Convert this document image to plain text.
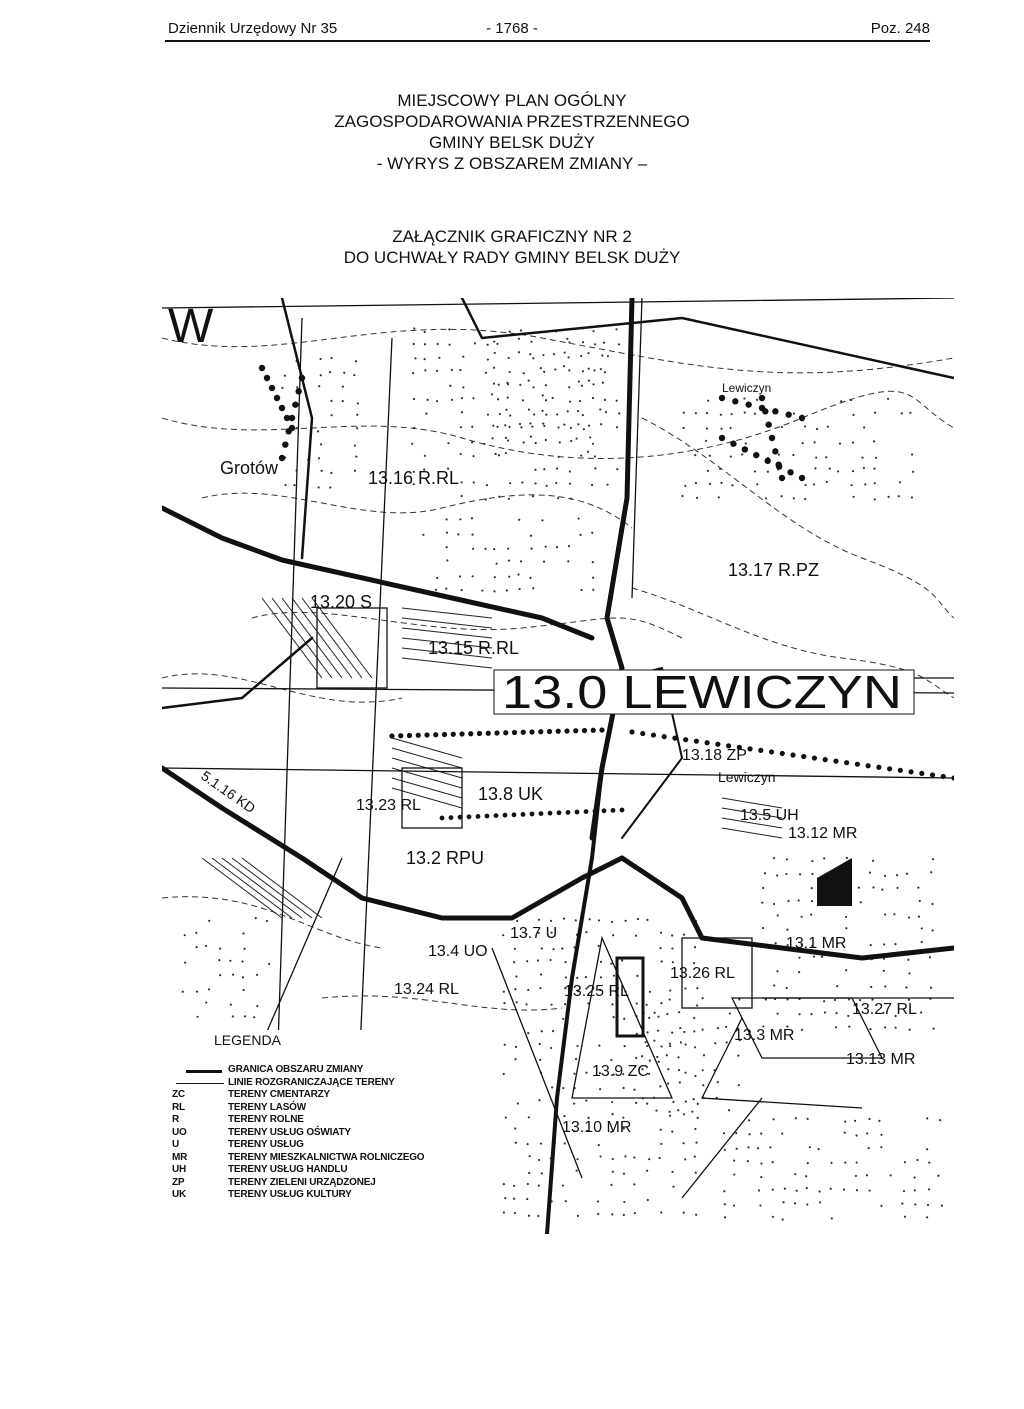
Dziennik Urzędowy Nr 35	- 1768 -	Poz. 248
MIEJSCOWY PLAN OGÓLNY
ZAGOSPODAROWANIA PRZESTRZENNEGO
GMINY BELSK DUŻY
- WYRYS Z OBSZAREM ZMIANY –
ZAŁĄCZNIK GRAFICZNY NR 2
DO UCHWAŁY RADY GMINY BELSK DUŻY
W
Grotów
Lewiczyn
Lewiczyn
13.0 LEWICZYN
13.16 R.RL
13.17 R.PZ
13.20 S
13.15 R.RL
13.18 ZP
13.23 RL
13.8 UK
13.5 UH
13.12 MR
13.2 RPU
13.7 U
13.4 UO
13.24 RL	13.25 RL
13.26 RL
13.1 MR
13.3 MR
13.27 RL
13.13 MR
13.9 ZC
13.10 MR
5.1.16 KD
LEGENDA
GRANICA OBSZARU ZMIANY
LINIE ROZGRANICZAJĄCE TERENY
ZC	TERENY CMENTARZY
RL	TERENY LASÓW
R	TERENY ROLNE
UO	TERENY USŁUG OŚWIATY
U	TERENY USŁUG
MR	TERENY MIESZKALNICTWA ROLNICZEGO
UH	TERENY USŁUG HANDLU
ZP	TERENY ZIELENI URZĄDZONEJ
UK	TERENY USŁUG KULTURY
